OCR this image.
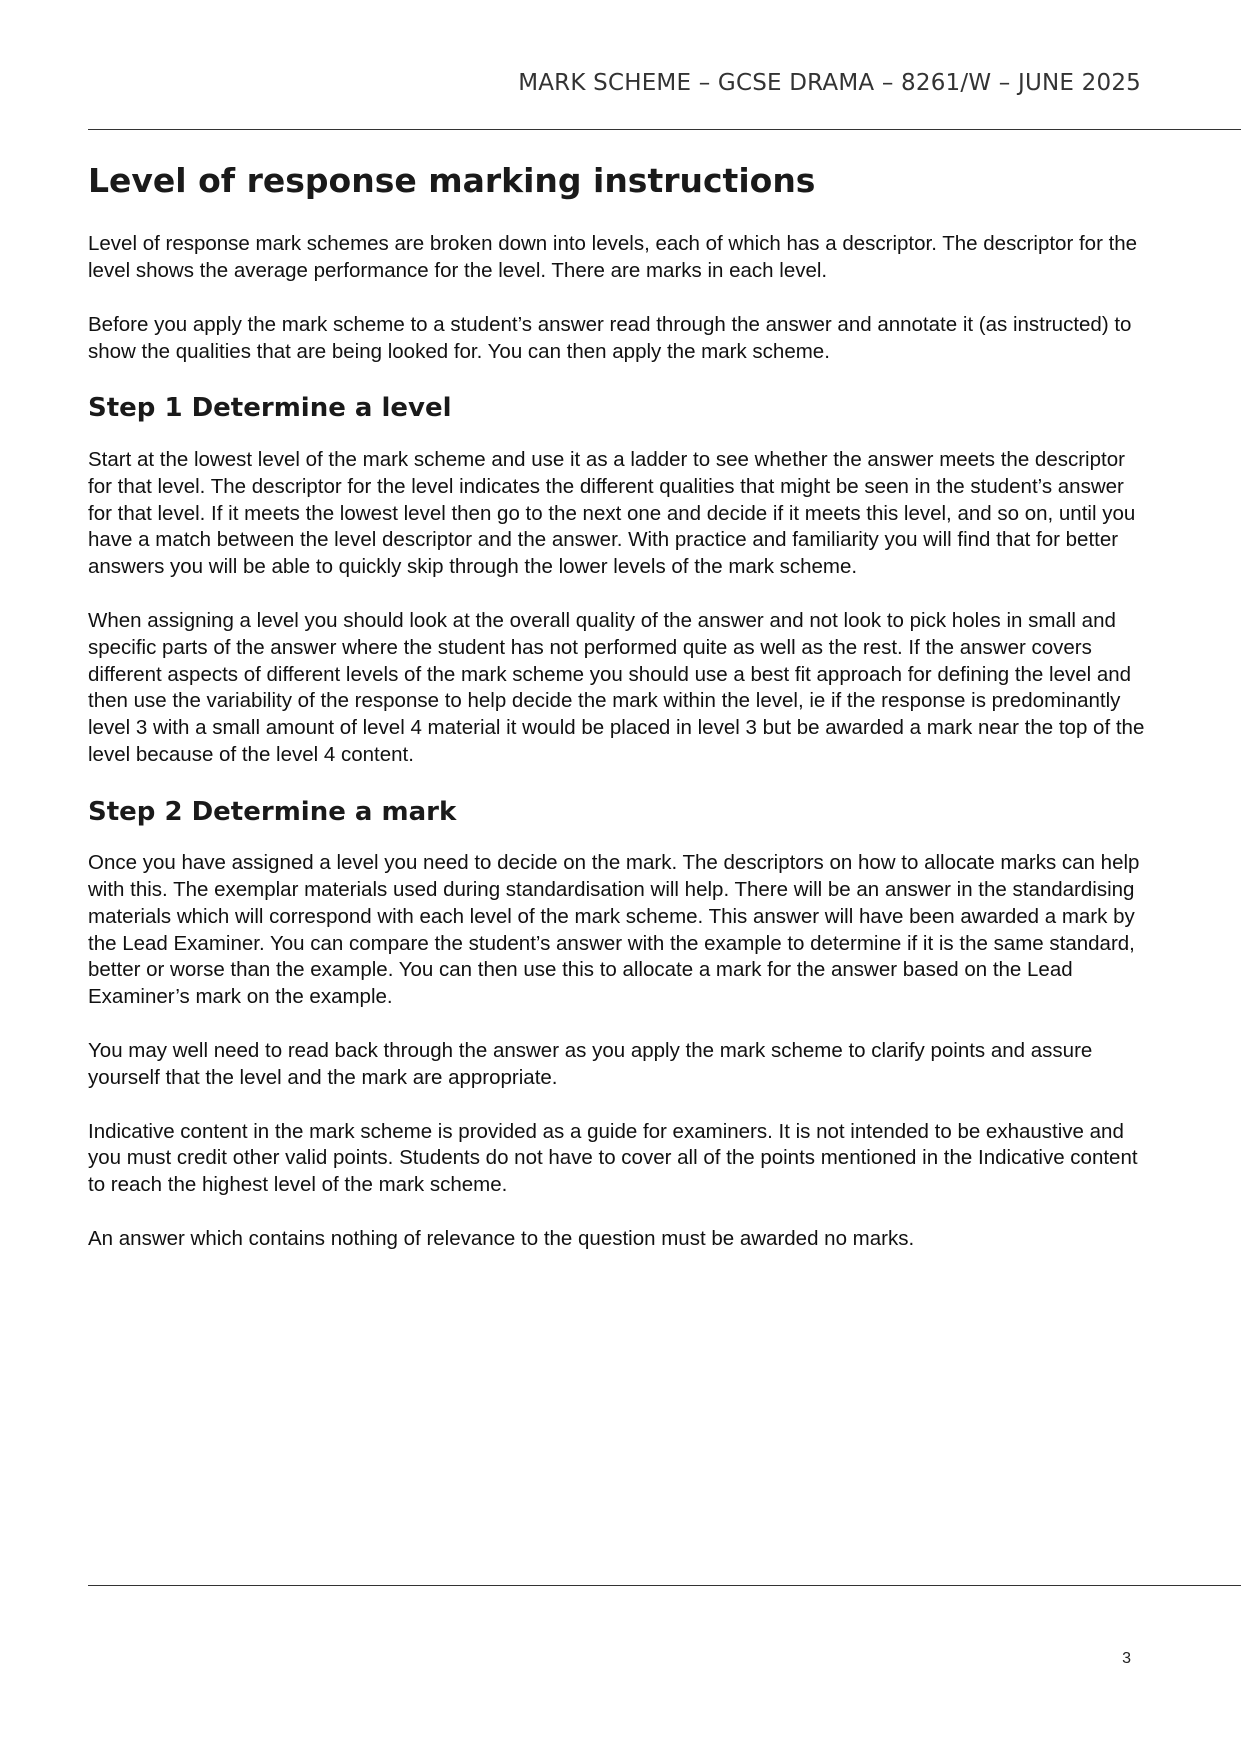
MARK SCHEME – GCSE DRAMA – 8261/W – JUNE 2025
Level of response marking instructions

Level of response mark schemes are broken down into levels, each of which has a descriptor. The descriptor for the level shows the average performance for the level. There are marks in each level.

Before you apply the mark scheme to a student’s answer read through the answer and annotate it (as instructed) to show the qualities that are being looked for. You can then apply the mark scheme.

Step 1 Determine a level

Start at the lowest level of the mark scheme and use it as a ladder to see whether the answer meets the descriptor for that level. The descriptor for the level indicates the different qualities that might be seen in the student’s answer for that level. If it meets the lowest level then go to the next one and decide if it meets this level, and so on, until you have a match between the level descriptor and the answer. With practice and familiarity you will find that for better answers you will be able to quickly skip through the lower levels of the mark scheme.

When assigning a level you should look at the overall quality of the answer and not look to pick holes in small and specific parts of the answer where the student has not performed quite as well as the rest. If the answer covers different aspects of different levels of the mark scheme you should use a best fit approach for defining the level and then use the variability of the response to help decide the mark within the level, ie if the response is predominantly level 3 with a small amount of level 4 material it would be placed in level 3 but be awarded a mark near the top of the level because of the level 4 content.

Step 2 Determine a mark

Once you have assigned a level you need to decide on the mark. The descriptors on how to allocate marks can help with this. The exemplar materials used during standardisation will help. There will be an answer in the standardising materials which will correspond with each level of the mark scheme. This answer will have been awarded a mark by the Lead Examiner. You can compare the student’s answer with the example to determine if it is the same standard, better or worse than the example. You can then use this to allocate a mark for the answer based on the Lead Examiner’s mark on the example.

You may well need to read back through the answer as you apply the mark scheme to clarify points and assure yourself that the level and the mark are appropriate.

Indicative content in the mark scheme is provided as a guide for examiners. It is not intended to be exhaustive and you must credit other valid points. Students do not have to cover all of the points mentioned in the Indicative content to reach the highest level of the mark scheme.

An answer which contains nothing of relevance to the question must be awarded no marks.

3
